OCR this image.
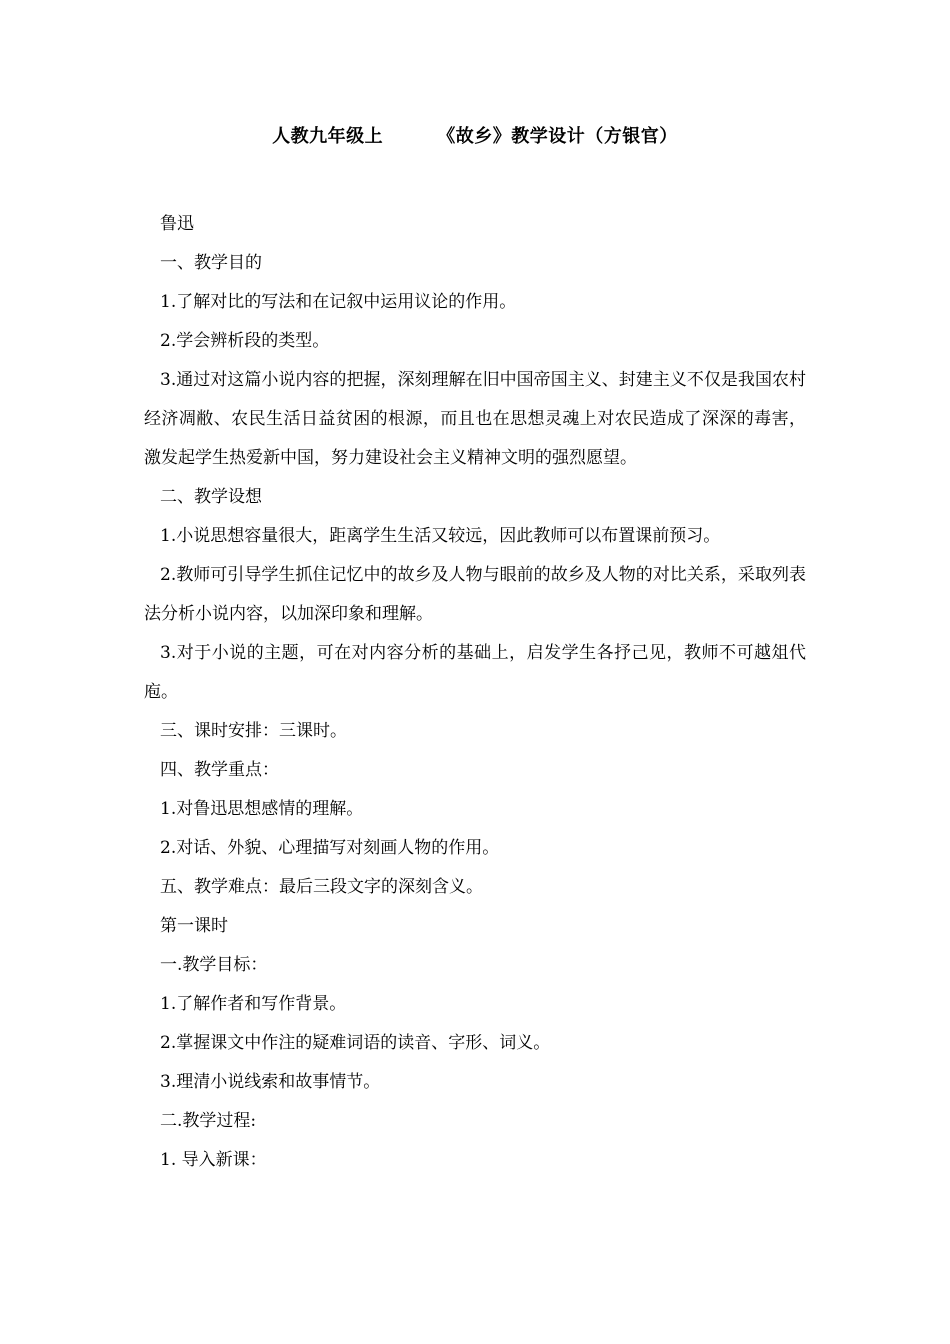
人教九年级上        《故乡》教学设计（方银官）

鲁迅

一、教学目的

1.了解对比的写法和在记叙中运用议论的作用。

2.学会辨析段的类型。

3.通过对这篇小说内容的把握，深刻理解在旧中国帝国主义、封建主义不仅是我国农村经济凋敝、农民生活日益贫困的根源，而且也在思想灵魂上对农民造成了深深的毒害，激发起学生热爱新中国，努力建设社会主义精神文明的强烈愿望。

二、教学设想

1.小说思想容量很大，距离学生生活又较远，因此教师可以布置课前预习。

2.教师可引导学生抓住记忆中的故乡及人物与眼前的故乡及人物的对比关系，采取列表法分析小说内容，以加深印象和理解。

3.对于小说的主题，可在对内容分析的基础上，启发学生各抒己见，教师不可越俎代庖。

三、课时安排：三课时。

四、教学重点：

1.对鲁迅思想感情的理解。

2.对话、外貌、心理描写对刻画人物的作用。

五、教学难点：最后三段文字的深刻含义。

第一课时

一.教学目标：

1.了解作者和写作背景。

2.掌握课文中作注的疑难词语的读音、字形、词义。

3.理清小说线索和故事情节。

二.教学过程:

1. 导入新课：
